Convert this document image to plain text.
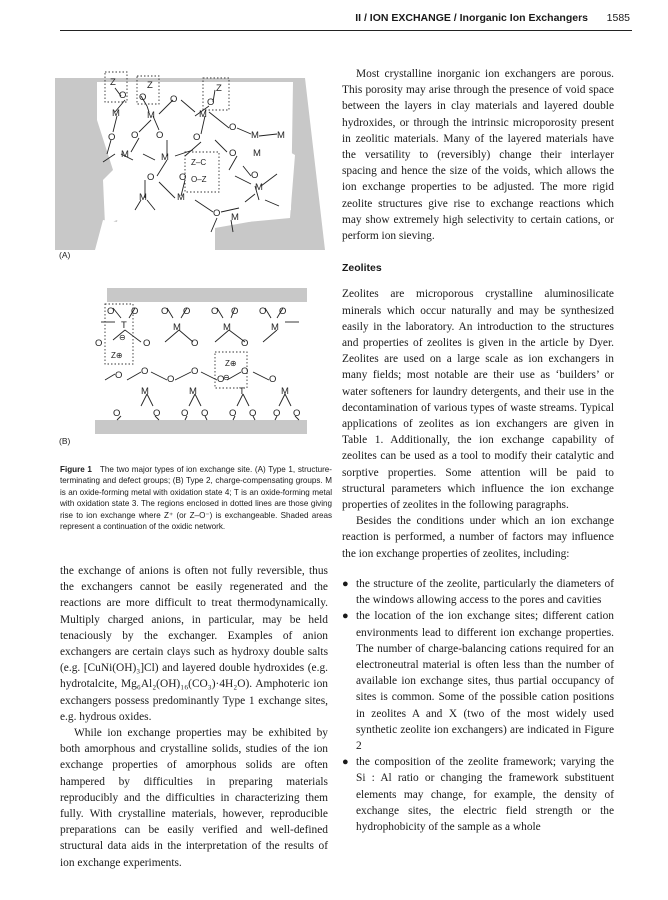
II / ION EXCHANGE / Inorganic Ion Exchangers 1585
Z
O
Z
O
Z
O
M	M
O
M
O O O	O
O
M M
M	M	O M
Z–C
O	O O–Z	O
M	M
M
O M
(A)
O O O O O O O O
T	M	M	M
⊖
O	O	O	O
Z⊕
Z⊕
O O
O
O
O
O
O
⊖
M	M	T	M
O	O O O O O O O
(B)
Figure 1 The two major types of ion exchange site. (A) Type 1, structure-terminating and defect groups; (B) Type 2, charge-compensating groups. M is an oxide-forming metal with oxidation state 4; T is an oxide-forming metal with oxidation state 3. The regions enclosed in dotted lines are those giving rise to ion exchange where Z⁺ (or Z–O⁻) is exchangeable. Shaded areas represent a continuation of the oxidic network.

the exchange of anions is often not fully reversible, thus the exchangers cannot be easily regenerated and the reactions are more difficult to treat thermodynamically. Multiply charged anions, in particular, may be held tenaciously by the exchanger. Examples of anion exchangers are certain clays such as hydroxy double salts (e.g. [CuNi(OH)₃]Cl) and layered double hydroxides (e.g. hydrotalcite, Mg₆Al₂(OH)₁₆(CO₃)·4H₂O). Amphoteric ion exchangers possess predominantly Type 1 exchange sites, e.g. hydrous oxides.

While ion exchange properties may be exhibited by both amorphous and crystalline solids, studies of the ion exchange properties of amorphous solids are often hampered by difficulties in preparing materials reproducibly and the difficulties in characterizing them fully. With crystalline materials, however, reproducible preparations can be easily verified and well-defined structural data aids in the interpretation of the results of ion exchange experiments.

Most crystalline inorganic ion exchangers are porous. This porosity may arise through the presence of void space between the layers in clay materials and layered double hydroxides, or through the intrinsic microporosity present in zeolitic materials. Many of the layered materials have the versatility to (reversibly) change their interlayer spacing and hence the size of the voids, which allows the ion exchange properties to be adjusted. The more rigid zeolite structures give rise to exchange reactions which may show extremely high selectivity to certain cations, or perform ion sieving.

Zeolites

Zeolites are microporous crystalline aluminosilicate minerals which occur naturally and may be synthesized easily in the laboratory. An introduction to the structures and properties of zeolites is given in the article by Dyer. Zeolites are used on a large scale as ion exchangers in many fields; most notable are their use as ‘builders’ or water softeners for laundry detergents, and their use in the decontamination of various types of waste streams. Typical applications of zeolites as ion exchangers are given in Table 1. Additionally, the ion exchange capability of zeolites can be used as a tool to modify their catalytic and sorptive properties. Some attention will be paid to structural parameters which influence the ion exchange properties of zeolites in the following paragraphs.

Besides the conditions under which an ion exchange reaction is performed, a number of factors may influence the ion exchange properties of zeolites, including:

● the structure of the zeolite, particularly the diameters of the windows allowing access to the pores and cavities
● the location of the ion exchange sites; different cation environments lead to different ion exchange properties. The number of charge-balancing cations required for an electroneutral material is often less than the number of available ion exchange sites, thus partial occupancy of sites is common. Some of the possible cation positions in zeolites A and X (two of the most widely used synthetic zeolite ion exchangers) are indicated in Figure 2
● the composition of the zeolite framework; varying the Si : Al ratio or changing the framework substituent elements may change, for example, the density of exchange sites, the electric field strength or the hydrophobicity of the sample as a whole
